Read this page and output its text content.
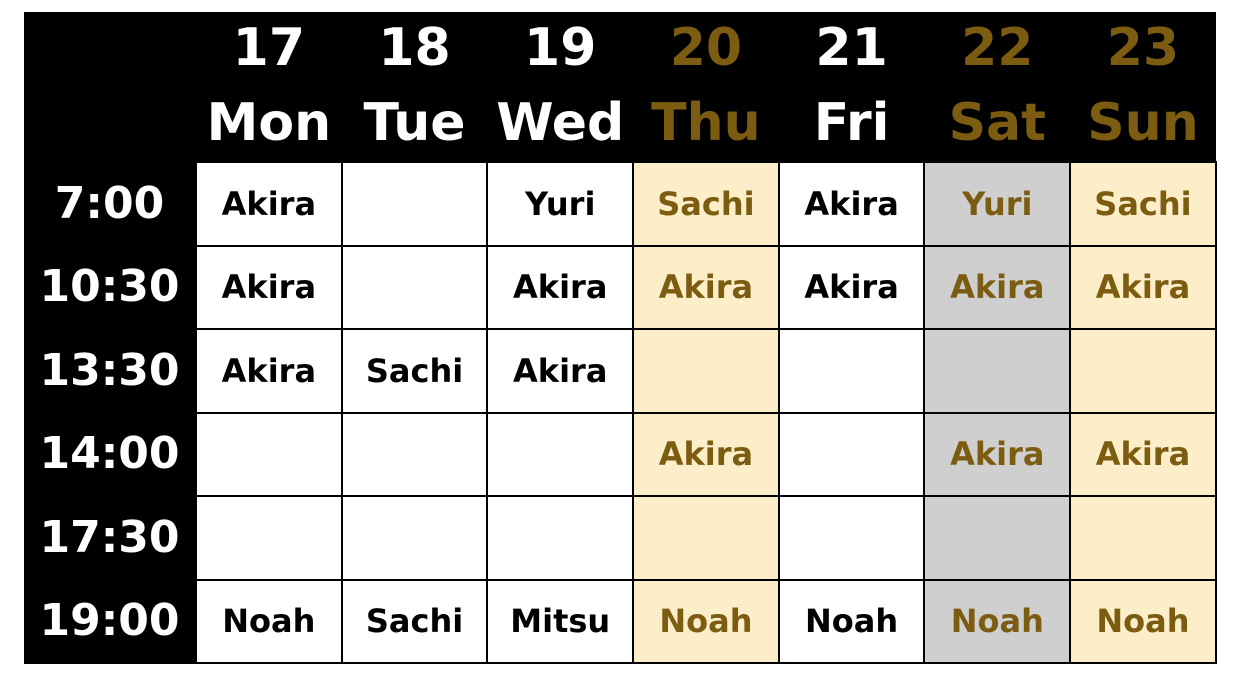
	17	18	19	20	21	22	23
	Mon	Tue	Wed	Thu	Fri	Sat	Sun
7:00	Akira		Yuri	Sachi	Akira	Yuri	Sachi
10:30	Akira		Akira	Akira	Akira	Akira	Akira
13:30	Akira	Sachi	Akira				
14:00				Akira		Akira	Akira
17:30							
19:00	Noah	Sachi	Mitsu	Noah	Noah	Noah	Noah
